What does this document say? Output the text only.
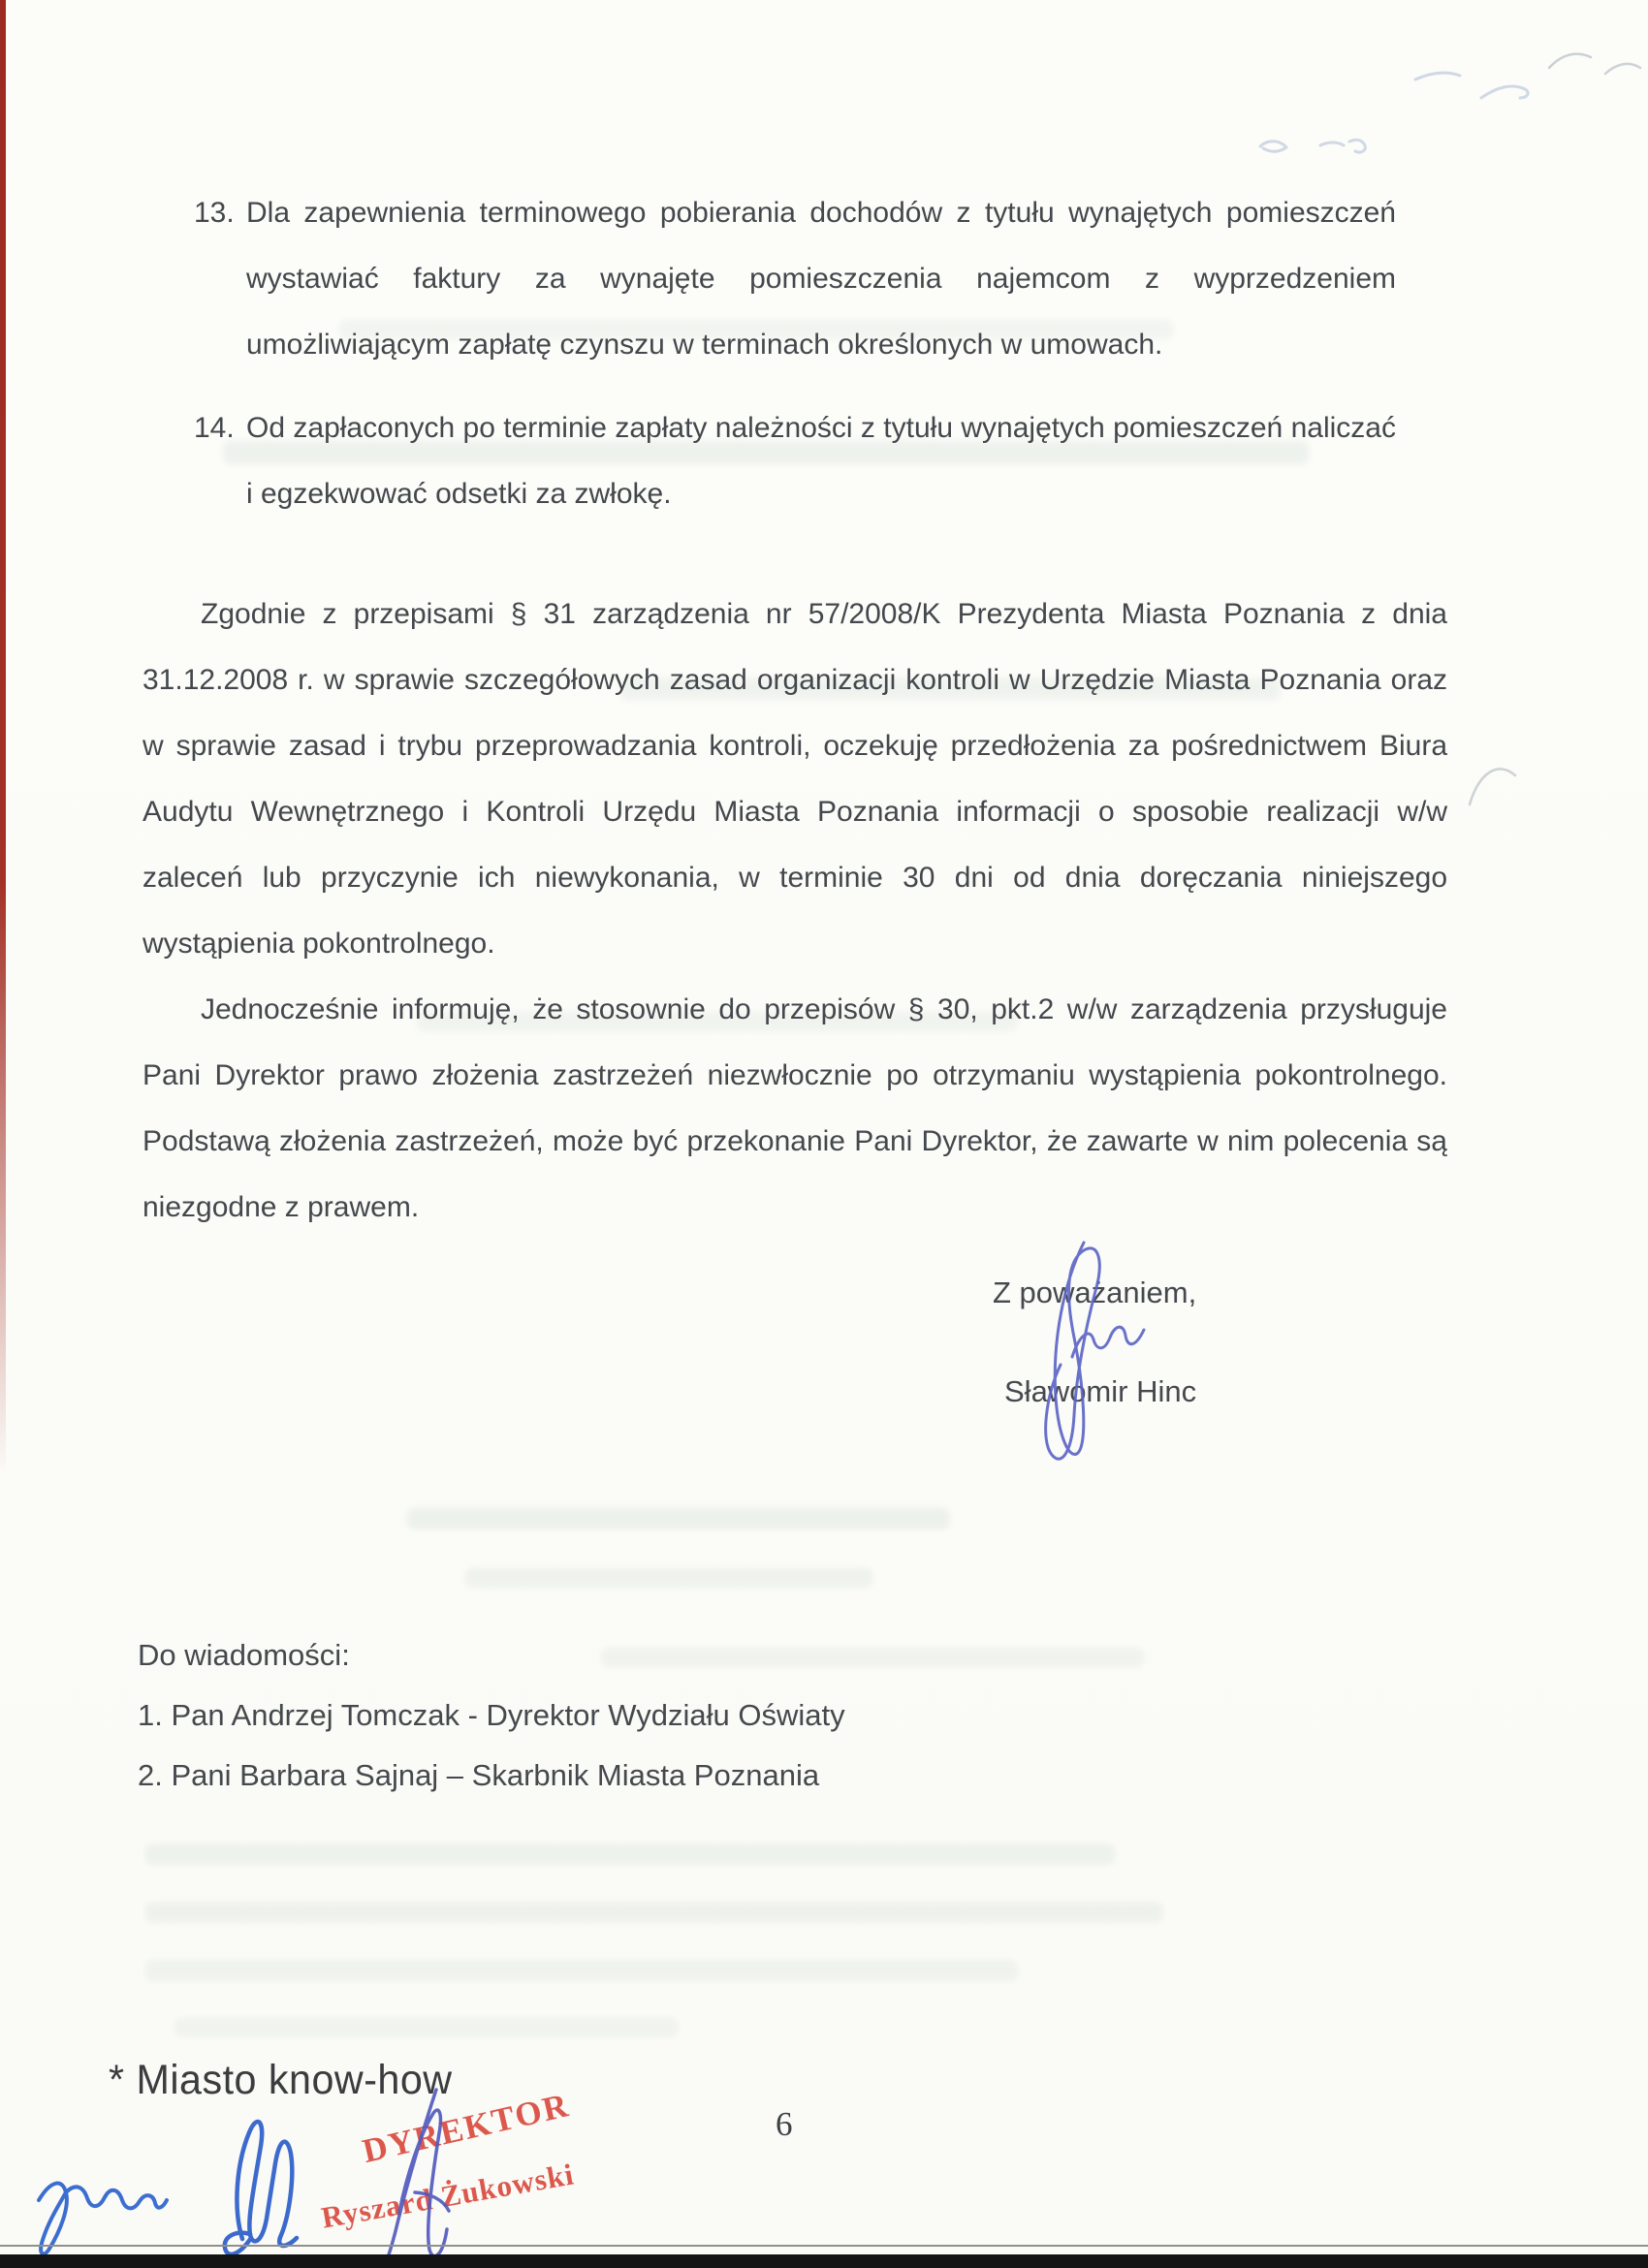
13. Dla zapewnienia terminowego pobierania dochodów z tytułu wynajętych pomieszczeń wystawiać faktury za wynajęte pomieszczenia najemcom z wyprzedzeniem umożliwiającym zapłatę czynszu w terminach określonych w umowach.
14. Od zapłaconych po terminie zapłaty należności z tytułu wynajętych pomieszczeń naliczać i egzekwować odsetki za zwłokę.

Zgodnie z przepisami § 31 zarządzenia nr 57/2008/K Prezydenta Miasta Poznania z dnia 31.12.2008 r. w sprawie szczegółowych zasad organizacji kontroli w Urzędzie Miasta Poznania oraz w sprawie zasad i trybu przeprowadzania kontroli, oczekuję przedłożenia za pośrednictwem Biura Audytu Wewnętrznego i Kontroli Urzędu Miasta Poznania informacji o sposobie realizacji w/w zaleceń lub przyczynie ich niewykonania, w terminie 30 dni od dnia doręczania niniejszego wystąpienia pokontrolnego.

Jednocześnie informuję, że stosownie do przepisów § 30, pkt.2 w/w zarządzenia przysługuje Pani Dyrektor prawo złożenia zastrzeżeń niezwłocznie po otrzymaniu wystąpienia pokontrolnego. Podstawą złożenia zastrzeżeń, może być przekonanie Pani Dyrektor, że zawarte w nim polecenia są niezgodne z prawem.

Z poważaniem,
Sławomir Hinc
Do wiadomości:
1. Pan Andrzej Tomczak - Dyrektor Wydziału Oświaty
2. Pani Barbara Sajnaj – Skarbnik Miasta Poznania
* Miasto know-how
DYREKTOR
Ryszard Żukowski
6
